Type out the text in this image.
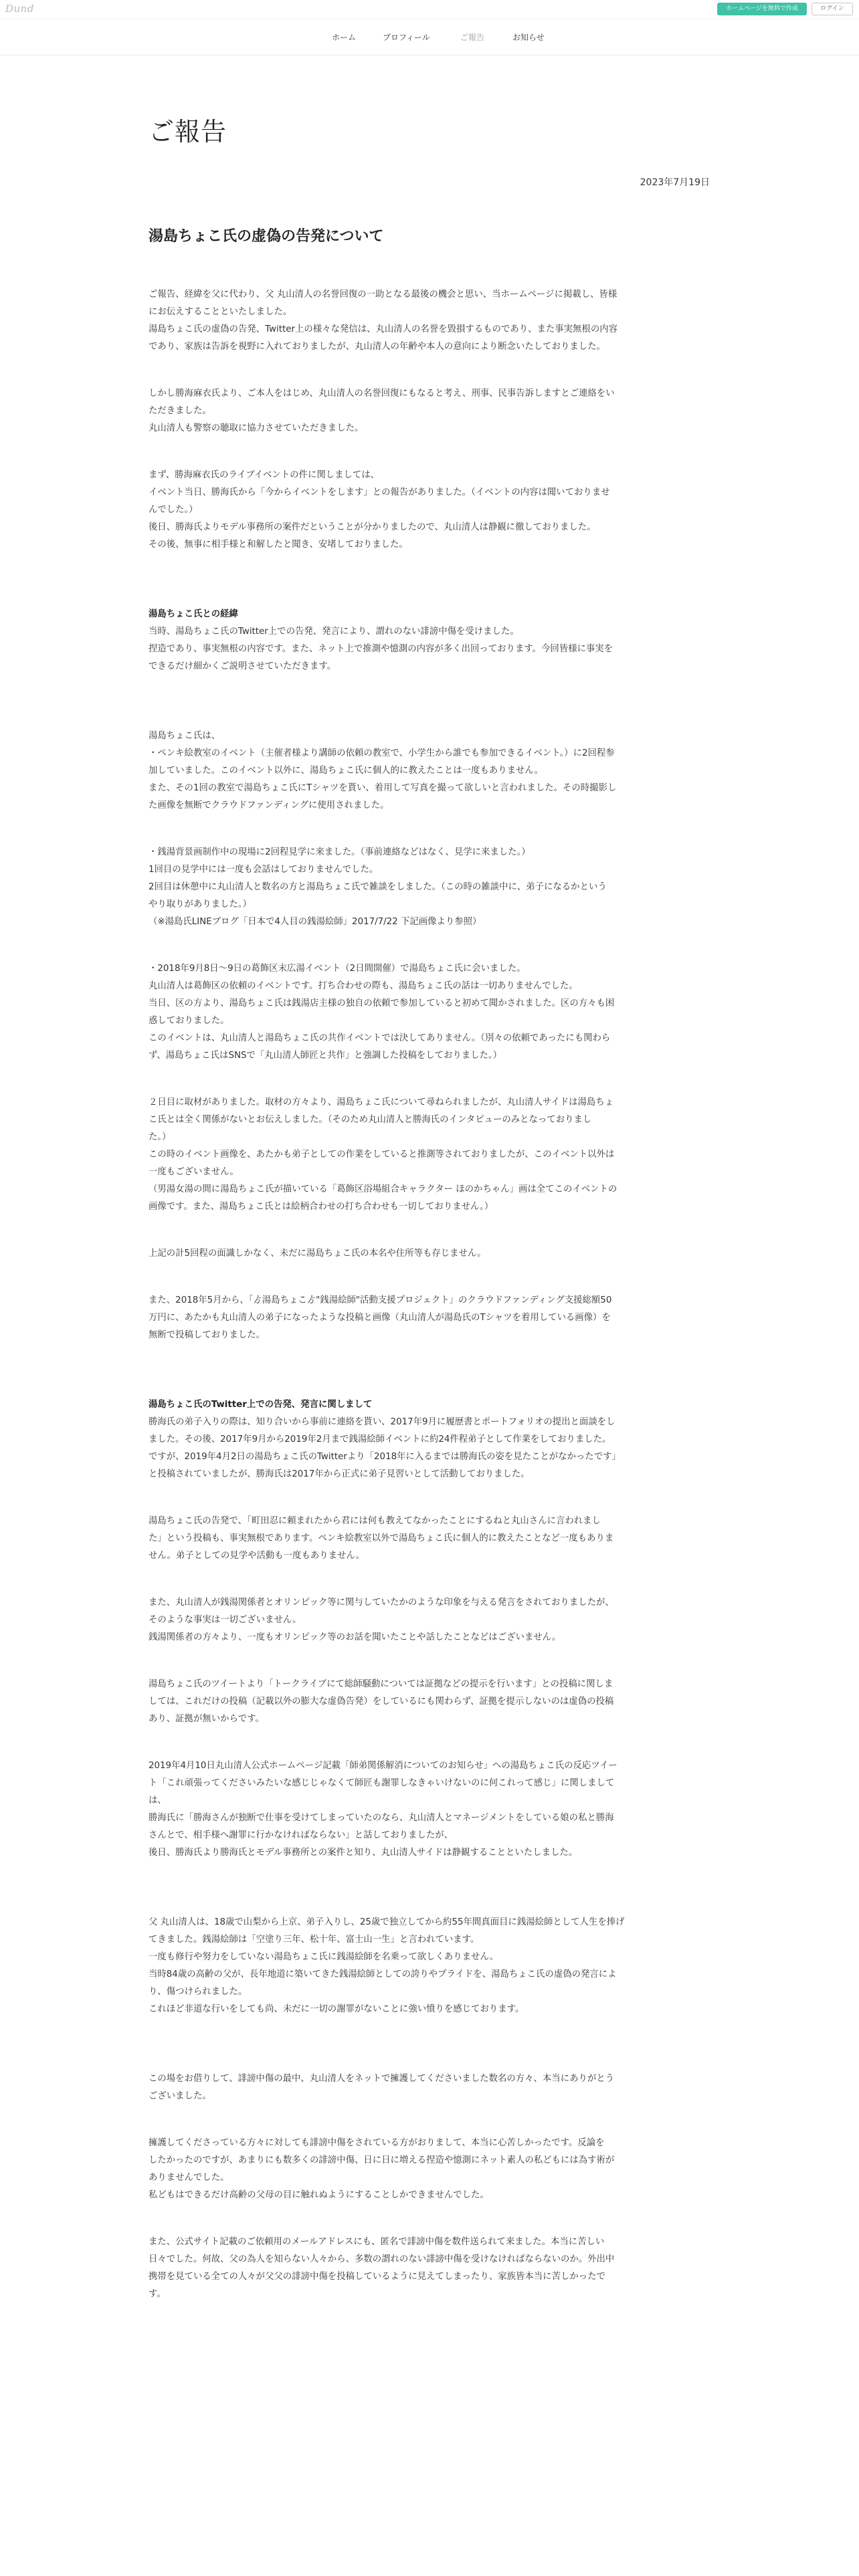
Dund	ホームページを無料で作成	ログイン
ホーム	プロフィール	ご報告	お知らせ
ご報告
2023年7月19日
湯島ちょこ氏の虚偽の告発について

ご報告、経緯を父に代わり、父 丸山清人の名誉回復の一助となる最後の機会と思い、当ホームページに掲載し、皆様

にお伝えすることといたしました。

湯島ちょこ氏の虚偽の告発、Twitter上の様々な発信は、丸山清人の名誉を毀損するものであり、また事実無根の内容

であり、家族は告訴を視野に入れておりましたが、丸山清人の年齢や本人の意向により断念いたしておりました。

しかし勝海麻衣氏より、ご本人をはじめ、丸山清人の名誉回復にもなると考え、刑事、民事告訴しますとご連絡をい

ただきました。

丸山清人も警察の聴取に協力させていただきました。

まず、勝海麻衣氏のライブイベントの件に関しましては、

イベント当日、勝海氏から「今からイベントをします」との報告がありました。（イベントの内容は聞いておりませ

んでした。）

後日、勝海氏よりモデル事務所の案件だということが分かりましたので、丸山清人は静観に徹しておりました。

その後、無事に相手様と和解したと聞き、安堵しておりました。

湯島ちょこ氏との経緯

当時、湯島ちょこ氏のTwitter上での告発、発言により、謂れのない誹謗中傷を受けました。

捏造であり、事実無根の内容です。また、ネット上で推測や憶測の内容が多く出回っております。今回皆様に事実を

できるだけ細かくご説明させていただきます。

湯島ちょこ氏は、

・ペンキ絵教室のイベント（主催者様より講師の依頼の教室で、小学生から誰でも参加できるイベント。）に2回程参

加していました。このイベント以外に、湯島ちょこ氏に個人的に教えたことは一度もありません。

また、その1回の教室で湯島ちょこ氏にTシャツを貰い、着用して写真を撮って欲しいと言われました。その時撮影し

た画像を無断でクラウドファンディングに使用されました。

・銭湯背景画制作中の現場に2回程見学に来ました。（事前連絡などはなく、見学に来ました。）

1回目の見学中には一度も会話はしておりませんでした。

2回目は休憩中に丸山清人と数名の方と湯島ちょこ氏で雑談をしました。（この時の雑談中に、弟子になるかという

やり取りがありました。）

（※湯島氏LINEブログ「日本で4人目の銭湯絵師」2017/7/22 下記画像より参照）

・2018年9月8日〜9日の葛飾区末広湯イベント（2日間開催）で湯島ちょこ氏に会いました。

丸山清人は葛飾区の依頼のイベントです。打ち合わせの際も、湯島ちょこ氏の話は一切ありませんでした。

当日、区の方より、湯島ちょこ氏は銭湯店主様の独自の依頼で参加していると初めて聞かされました。区の方々も困

惑しておりました。

このイベントは、丸山清人と湯島ちょこ氏の共作イベントでは決してありません。（別々の依頼であったにも関わら

ず、湯島ちょこ氏はSNSで「丸山清人師匠と共作」と強調した投稿をしておりました。）

２日目に取材がありました。取材の方々より、湯島ちょこ氏について尋ねられましたが、丸山清人サイドは湯島ちょ

こ氏とは全く関係がないとお伝えしました。（そのため丸山清人と勝海氏のインタビューのみとなっておりまし

た。）

この時のイベント画像を、あたかも弟子としての作業をしていると推測等されておりましたが、このイベント以外は

一度もございません。

（男湯女湯の間に湯島ちょこ氏が描いている「葛飾区浴場組合キャラクター ほのかちゃん」画は全てこのイベントの

画像です。また、湯島ちょこ氏とは絵柄合わせの打ち合わせも一切しておりません。）

上記の計5回程の面識しかなく、未だに湯島ちょこ氏の本名や住所等も存じません。

また、2018年5月から、「ゟ湯島ちょこゟ"銭湯絵師"活動支援プロジェクト」のクラウドファンディング支援総額50

万円に、あたかも丸山清人の弟子になったような投稿と画像（丸山清人が湯島氏のTシャツを着用している画像）を

無断で投稿しておりました。

湯島ちょこ氏のTwitter上での告発、発言に関しまして

勝海氏の弟子入りの際は、知り合いから事前に連絡を貰い、2017年9月に履歴書とポートフォリオの提出と面談をし

ました。その後、2017年9月から2019年2月まで銭湯絵師イベントに約24件程弟子として作業をしておりました。

ですが、2019年4月2日の湯島ちょこ氏のTwitterより「2018年に入るまでは勝海氏の姿を見たことがなかったです」

と投稿されていましたが、勝海氏は2017年から正式に弟子見習いとして活動しておりました。

湯島ちょこ氏の告発で、「町田忍に頼まれたから君には何も教えてなかったことにするねと丸山さんに言われまし

た」という投稿も、事実無根であります。ペンキ絵教室以外で湯島ちょこ氏に個人的に教えたことなど一度もありま

せん。弟子としての見学や活動も一度もありません。

また、丸山清人が銭湯関係者とオリンピック等に関与していたかのような印象を与える発言をされておりましたが、

そのような事実は一切ございません。

銭湯関係者の方々より、一度もオリンピック等のお話を聞いたことや話したことなどはございません。

湯島ちょこ氏のツイートより「トークライブにて総師騒動については証拠などの提示を行います」との投稿に関しま

しては、これだけの投稿（記載以外の膨大な虚偽告発）をしているにも関わらず、証拠を提示しないのは虚偽の投稿

あり、証拠が無いからです。

2019年4月10日丸山清人公式ホームページ記載「師弟関係解消についてのお知らせ」への湯島ちょこ氏の反応ツイー

ト「これ頑張ってくださいみたいな感じじゃなくて師匠も謝罪しなきゃいけないのに何これって感じ」に関しまして

は、

勝海氏に「勝海さんが独断で仕事を受けてしまっていたのなら、丸山清人とマネージメントをしている娘の私と勝海

さんとで、相手様へ謝罪に行かなければならない」と話しておりましたが、

後日、勝海氏より勝海氏とモデル事務所との案件と知り、丸山清人サイドは静観することといたしました。

父 丸山清人は、18歳で山梨から上京、弟子入りし、25歳で独立してから約55年間真面目に銭湯絵師として人生を捧げ

てきました。銭湯絵師は「空塗り三年、松十年、富士山一生」と言われています。

一度も修行や努力をしていない湯島ちょこ氏に銭湯絵師を名乗って欲しくありません。

当時84歳の高齢の父が、長年地道に築いてきた銭湯絵師としての誇りやプライドを、湯島ちょこ氏の虚偽の発言によ

り、傷つけられました。

これほど非道な行いをしても尚、未だに一切の謝罪がないことに強い憤りを感じております。

この場をお借りして、誹謗中傷の最中、丸山清人をネットで擁護してくださいました数名の方々、本当にありがとう

ございました。

擁護してくださっている方々に対しても誹謗中傷をされている方がおりまして、本当に心苦しかったです。反論を

したかったのですが、あまりにも数多くの誹謗中傷、日に日に増える捏造や憶測にネット素人の私どもには為す術が

ありませんでした。

私どもはできるだけ高齢の父母の目に触れぬようにすることしかできませんでした。

また、公式サイト記載のご依頼用のメールアドレスにも、匿名で誹謗中傷を数件送られて来ました。本当に苦しい

日々でした。何故、父の為人を知らない人々から、多数の謂れのない誹謗中傷を受けなければならないのか。外出中

携帯を見ている全ての人々が父父の誹謗中傷を投稿しているように見えてしまったり、家族皆本当に苦しかったで

す。
